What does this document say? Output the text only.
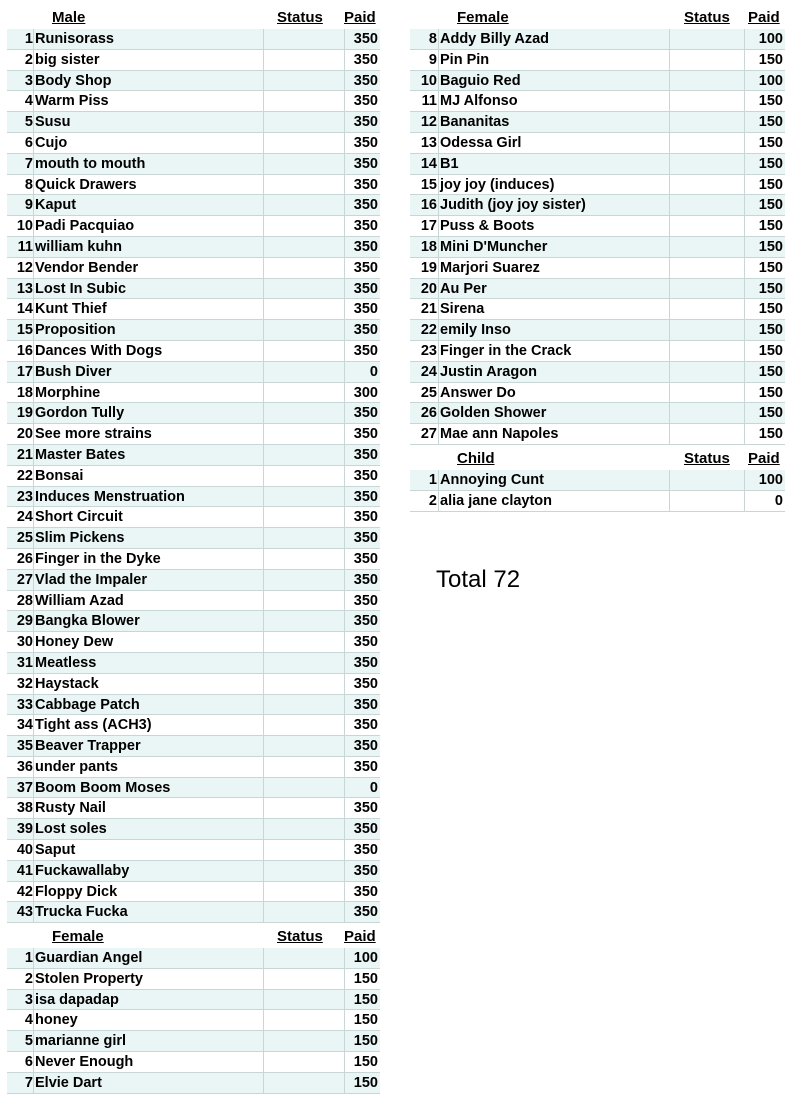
Male	Status Paid
1 Runisorass	350
2 big sister	350
3 Body Shop	350
4 Warm Piss	350
5 Susu	350
6 Cujo	350
7 mouth to mouth	350
8 Quick Drawers	350
9 Kaput	350
10 Padi Pacquiao	350
11 william kuhn	350
12 Vendor Bender	350
13 Lost In Subic	350
14 Kunt Thief	350
15 Proposition	350
16 Dances With Dogs	350
17 Bush Diver	0
18 Morphine	300
19 Gordon Tully	350
20 See more strains	350
21 Master Bates	350
22 Bonsai	350
23 Induces Menstruation	350
24 Short Circuit	350
25 Slim Pickens	350
26 Finger in the Dyke	350
27 Vlad the Impaler	350
28 William Azad	350
29 Bangka Blower	350
30 Honey Dew	350
31 Meatless	350
32 Haystack	350
33 Cabbage Patch	350
34 Tight ass (ACH3)	350
35 Beaver Trapper	350
36 under pants	350
37 Boom Boom Moses	0
38 Rusty Nail	350
39 Lost soles	350
40 Saput	350
41 Fuckawallaby	350
42 Floppy Dick	350
43 Trucka Fucka	350
Female	Status Paid
1 Guardian Angel	100
2 Stolen Property	150
3 isa dapadap	150
4 honey	150
5 marianne girl	150
6 Never Enough	150
7 Elvie Dart	150
Female	Status Paid
8 Addy Billy Azad	100
9 Pin Pin	150
10 Baguio Red	100
11 MJ Alfonso	150
12 Bananitas	150
13 Odessa Girl	150
14 B1	150
15 joy joy (induces)	150
16 Judith (joy joy sister)	150
17 Puss & Boots	150
18 Mini D'Muncher	150
19 Marjori Suarez	150
20 Au Per	150
21 Sirena	150
22 emily Inso	150
23 Finger in the Crack	150
24 Justin Aragon	150
25 Answer Do	150
26 Golden Shower	150
27 Mae ann Napoles	150
Child	Status Paid
1 Annoying Cunt	100
2 alia jane clayton	0
Total 72
